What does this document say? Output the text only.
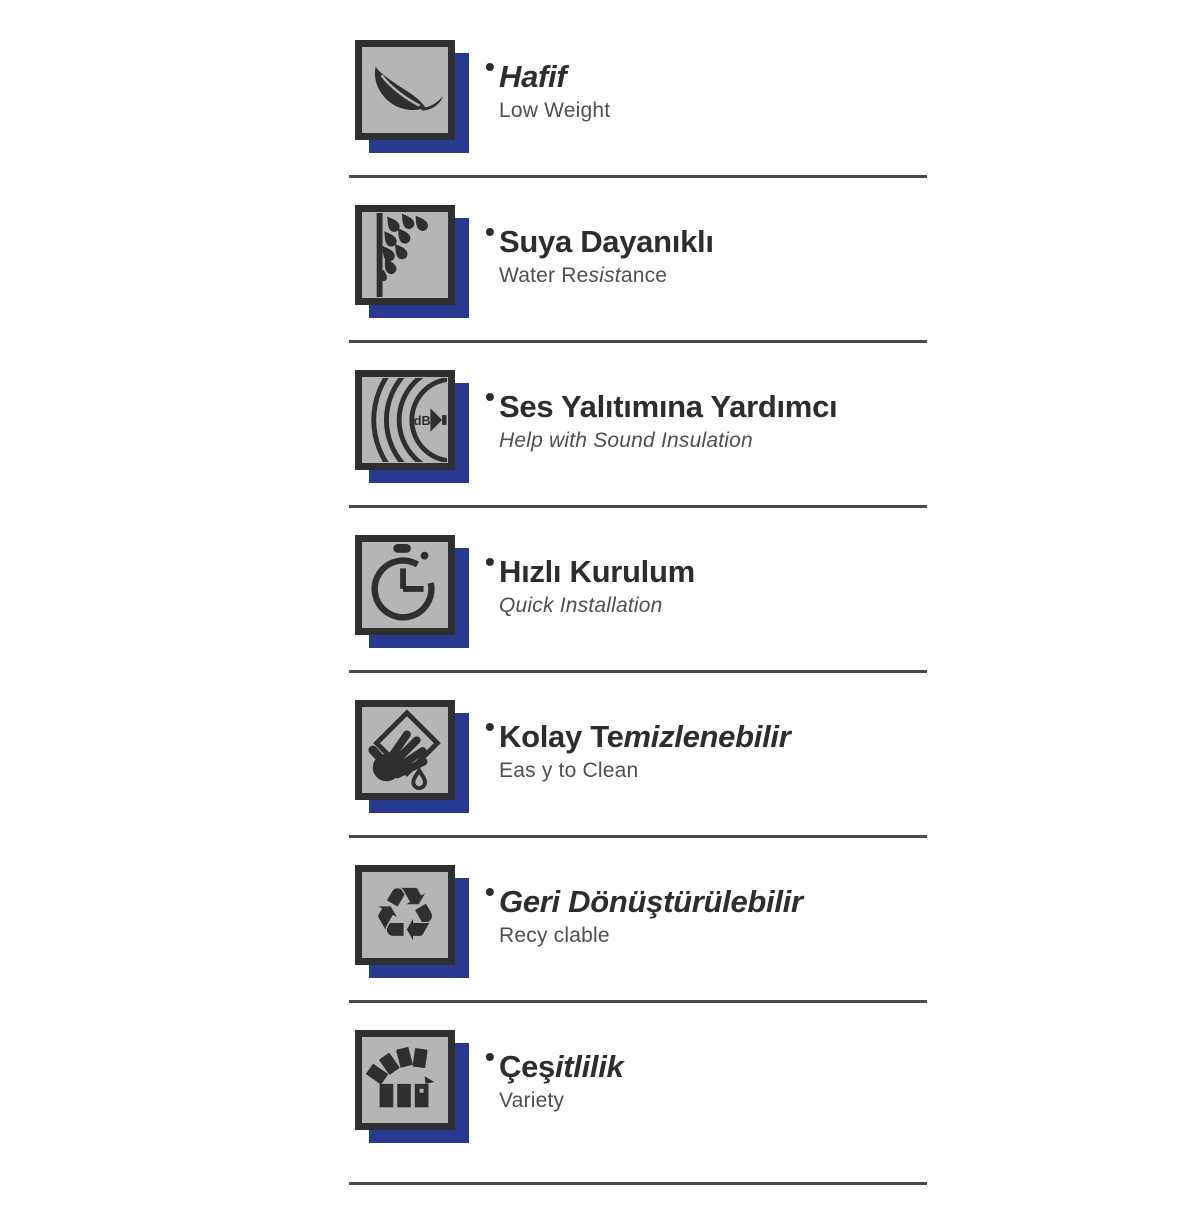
• Hafif
Low Weight
• Suya Dayanıklı
Water Resistance
dB
• Ses Yalıtımına Yardımcı
Help with Sound Insulation
• Hızlı Kurulum
Quick Installation
• Kolay Temizlenebilir
Eas y to Clean
♻ • Geri Dönüştürülebilir
Recy clable
• Çeşitlilik
Variety
